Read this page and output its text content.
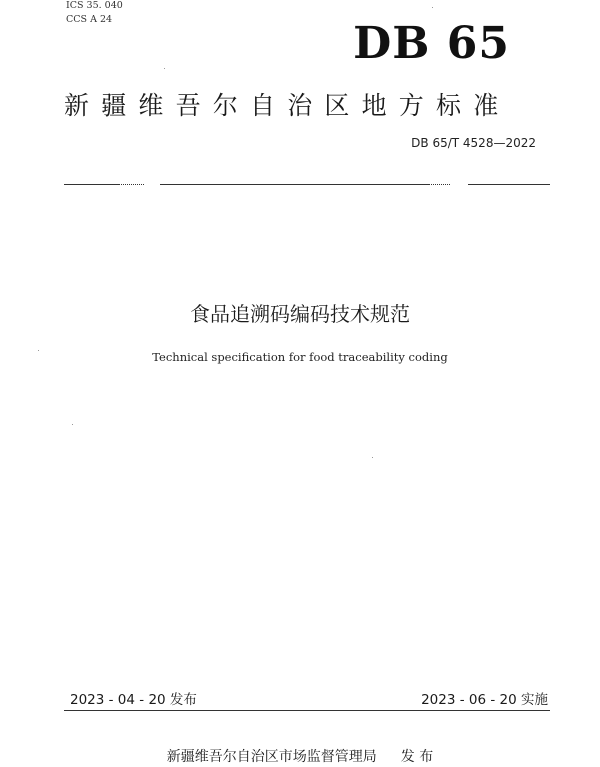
ICS 35. 040
CCS A 24	DB 65
新疆维吾尔自治区地方标准
DB 65/T 4528—2022
食品追溯码编码技术规范
Technical specification for food traceability coding
2023 - 04 - 20 发布	2023 - 06 - 20 实施
新疆维吾尔自治区市场监督管理局 发 布
